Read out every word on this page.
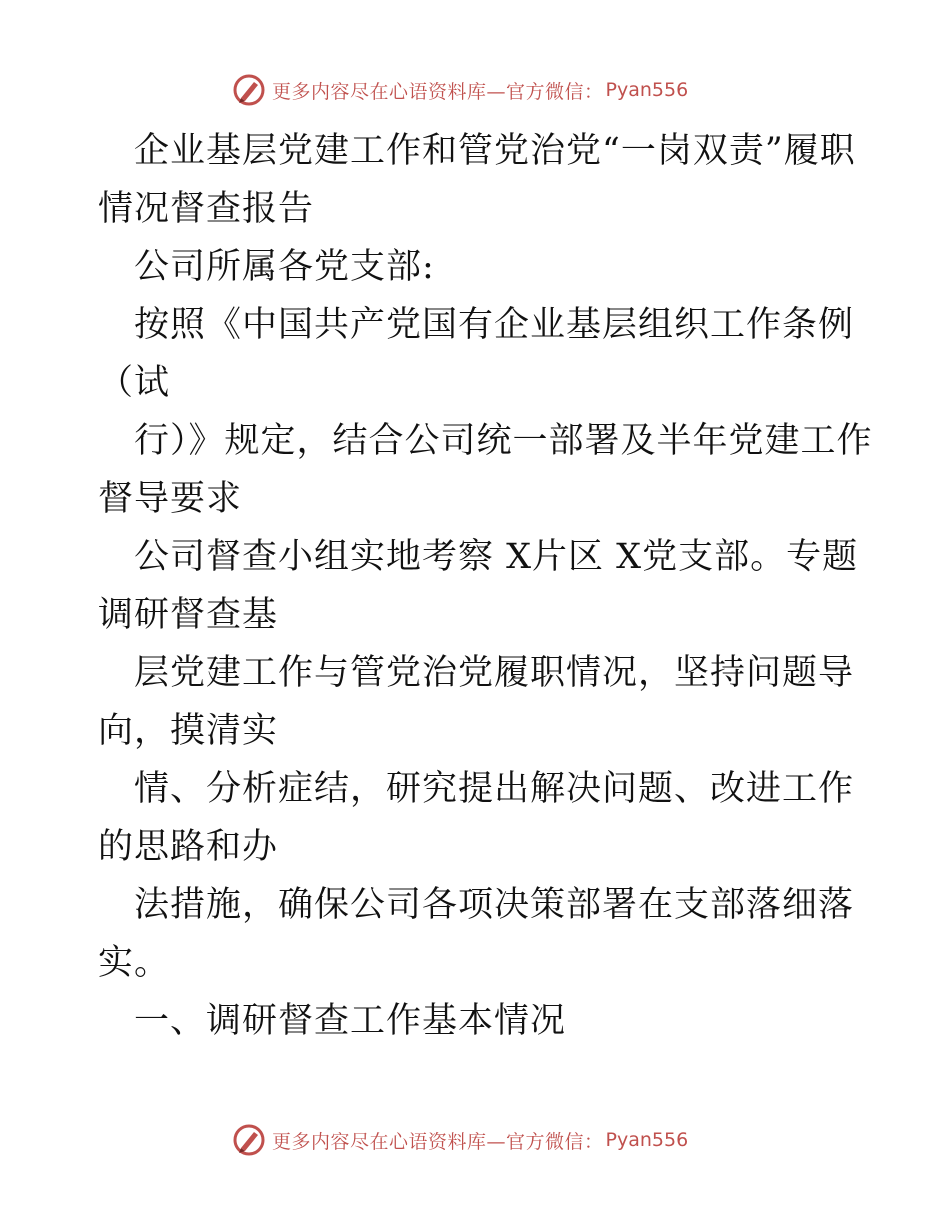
更多内容尽在心语资料库—官方微信： Pyan556

企业基层党建工作和管党治党“一岗双责”履职情况督查报告

公司所属各党支部:

按照《中国共产党国有企业基层组织工作条例（试

行）》规定，结合公司统一部署及半年党建工作督导要求

公司督查小组实地考察 X片区 X党支部。专题调研督查基

层党建工作与管党治党履职情况，坚持问题导向，摸清实

情、分析症结，研究提出解决问题、改进工作的思路和办

法措施，确保公司各项决策部署在支部落细落实。

一、调研督查工作基本情况

更多内容尽在心语资料库—官方微信： Pyan556
